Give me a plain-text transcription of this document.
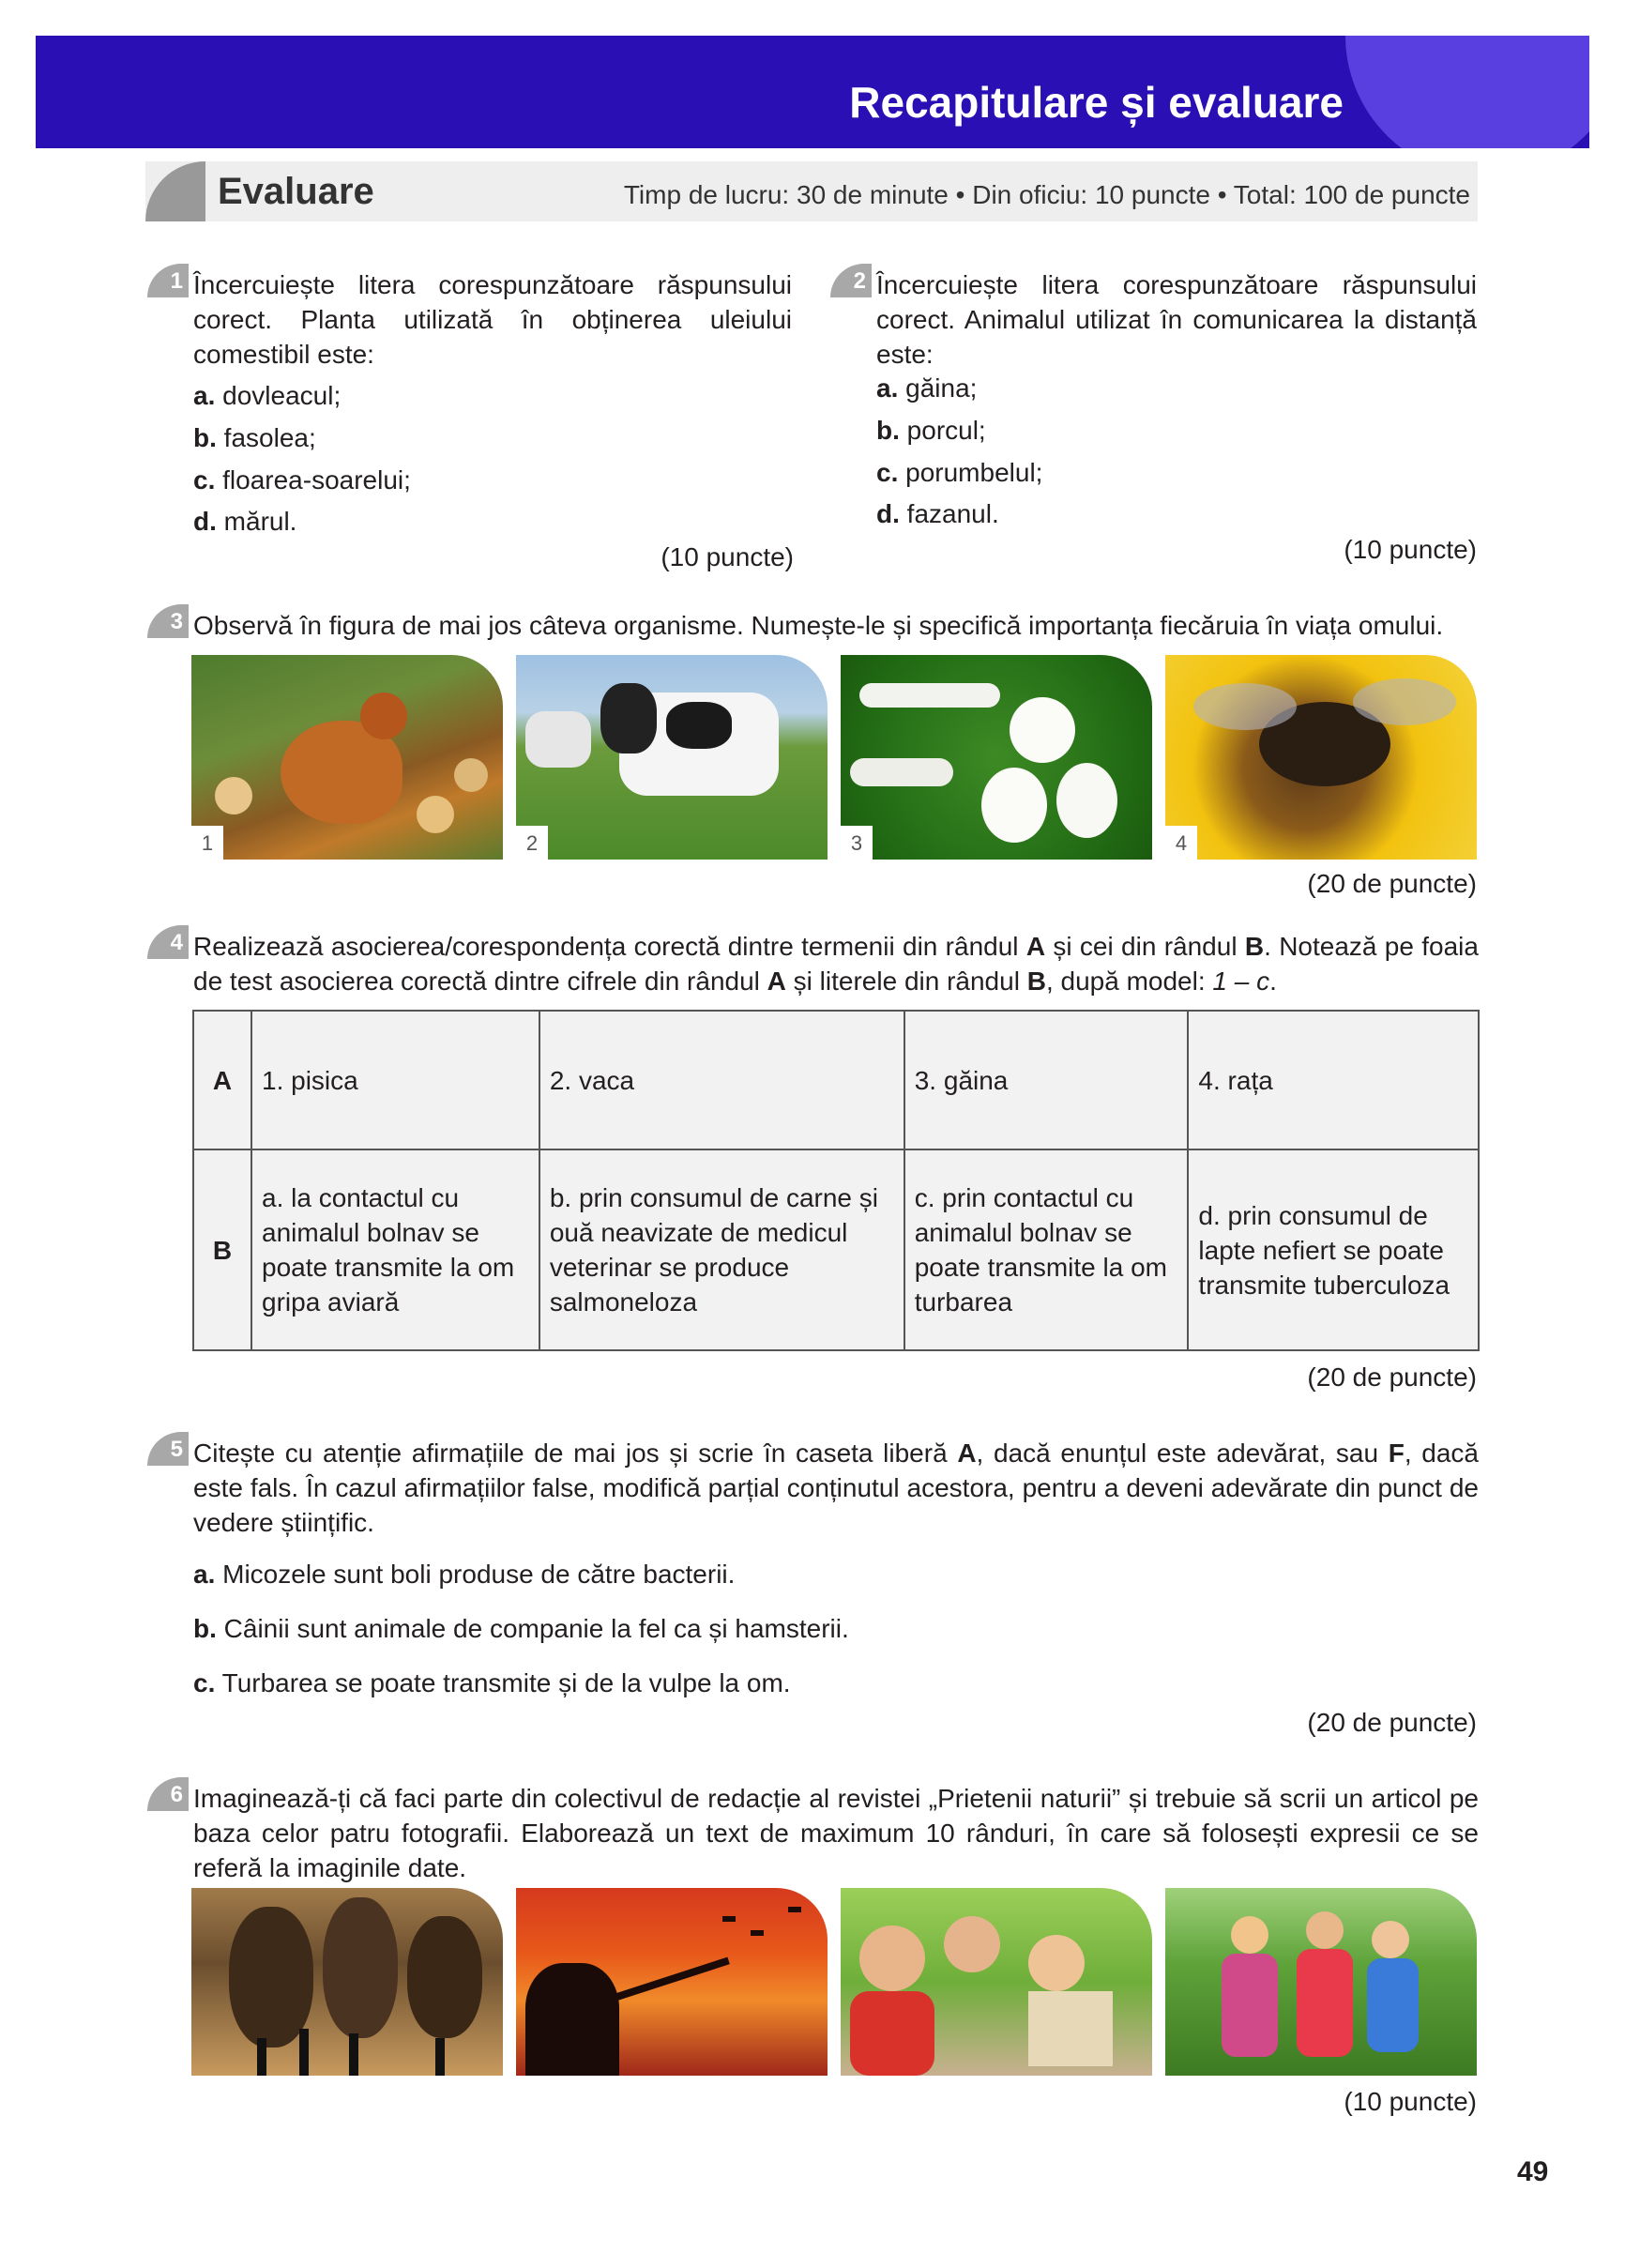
Recapitulare și evaluare
Evaluare	Timp de lucru: 30 de minute • Din oficiu: 10 puncte • Total: 100 de puncte
1 Încercuiește litera corespunzătoare răspunsului corect. Planta utilizată în obținerea uleiului comestibil este:
a. dovleacul;
b. fasolea;
c. floarea-soarelui;
d. mărul.
(10 puncte)
2 Încercuiește litera corespunzătoare răspunsului corect. Animalul utilizat în comunicarea la distanță este:
a. găina;
b. porcul;
c. porumbelul;
d. fazanul.
(10 puncte)
3 Observă în figura de mai jos câteva organisme. Numește-le și specifică importanța fiecăruia în viața omului.
1	2	3	4
(20 de puncte)
4 Realizează asocierea/corespondența corectă dintre termenii din rândul A și cei din rândul B. Notează pe foaia de test asocierea corectă dintre cifrele din rândul A și literele din rândul B, după model: 1 – c.
A	1. pisica	2. vaca	3. găina	4. rața
B	a. la contactul cu animalul bolnav se poate transmite la om gripa aviară	b. prin consumul de carne și ouă neavizate de medicul veterinar se produce salmoneloza	c. prin contactul cu animalul bolnav se poate transmite la om turbarea	d. prin consumul de lapte nefiert se poate transmite tuberculoza
(20 de puncte)
5 Citește cu atenție afirmațiile de mai jos și scrie în caseta liberă A, dacă enunțul este adevărat, sau F, dacă este fals. În cazul afirmațiilor false, modifică parțial conținutul acestora, pentru a deveni adevărate din punct de vedere științific.
a. Micozele sunt boli produse de către bacterii.
b. Câinii sunt animale de companie la fel ca și hamsterii.
c. Turbarea se poate transmite și de la vulpe la om.
(20 de puncte)
6 Imaginează-ți că faci parte din colectivul de redacție al revistei „Prietenii naturii” și trebuie să scrii un articol pe baza celor patru fotografii. Elaborează un text de maximum 10 rânduri, în care să folosești expresii ce se referă la imaginile date.
(10 puncte)
49
